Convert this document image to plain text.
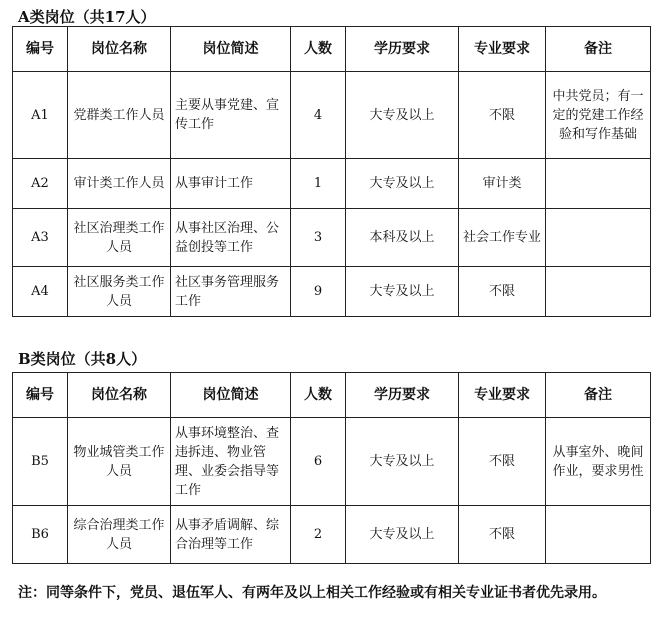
A类岗位（共17人）
编号	岗位名称	岗位简述	人数	学历要求	专业要求	备注
A1	党群类工作人员	主要从事党建、宣传工作	4	大专及以上	不限	中共党员；有一定的党建工作经验和写作基础
A2	审计类工作人员	从事审计工作	1	大专及以上	审计类	
A3	社区治理类工作人员	从事社区治理、公益创投等工作	3	本科及以上	社会工作专业	
A4	社区服务类工作人员	社区事务管理服务工作	9	大专及以上	不限	
B类岗位（共8人）
编号	岗位名称	岗位简述	人数	学历要求	专业要求	备注
B5	物业城管类工作人员	从事环境整治、查违拆违、物业管理、业委会指导等工作	6	大专及以上	不限	从事室外、晚间作业，要求男性
B6	综合治理类工作人员	从事矛盾调解、综合治理等工作	2	大专及以上	不限	
注：同等条件下，党员、退伍军人、有两年及以上相关工作经验或有相关专业证书者优先录用。
